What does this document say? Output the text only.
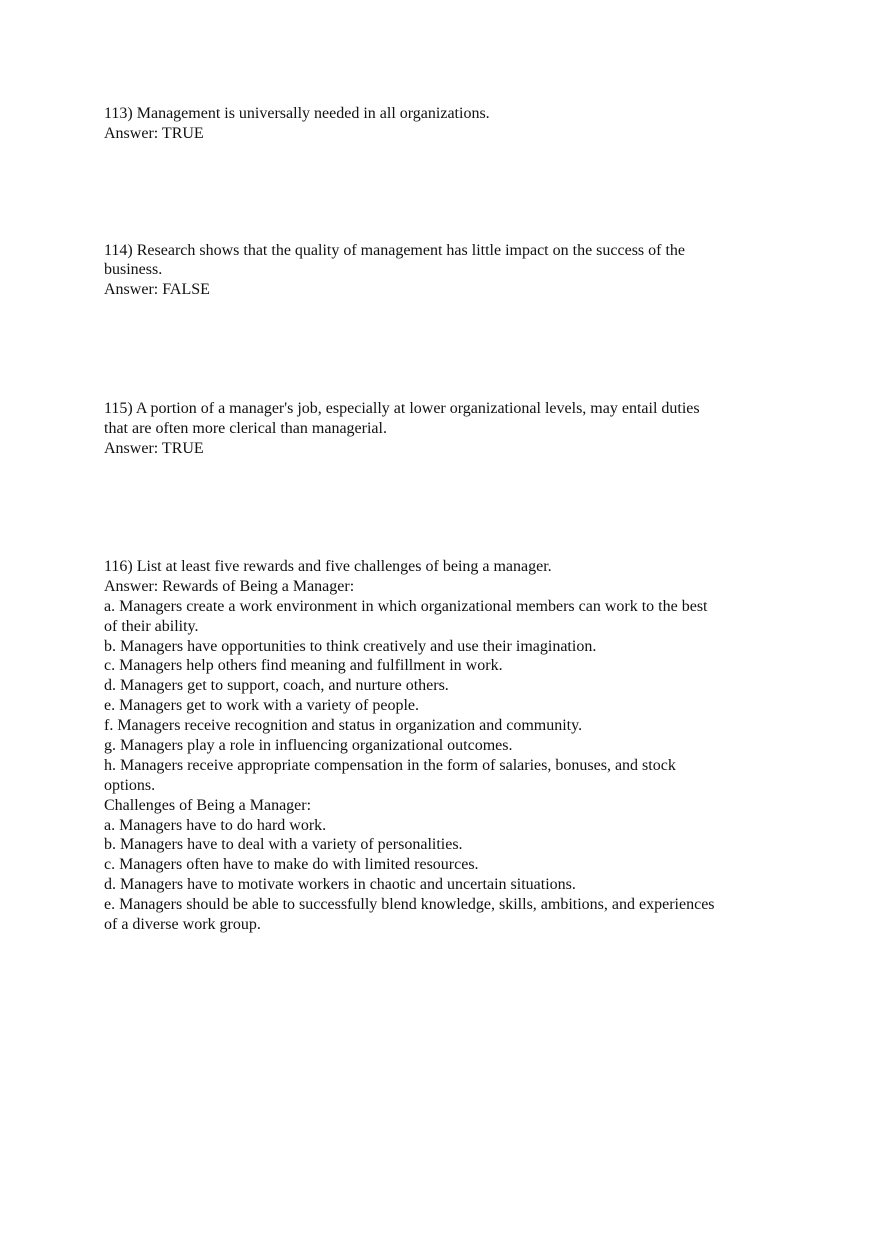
113) Management is universally needed in all organizations.
Answer: TRUE
114) Research shows that the quality of management has little impact on the success of the
business.
Answer: FALSE
115) A portion of a manager's job, especially at lower organizational levels, may entail duties
that are often more clerical than managerial.
Answer: TRUE
116) List at least five rewards and five challenges of being a manager.
Answer: Rewards of Being a Manager:
a. Managers create a work environment in which organizational members can work to the best
of their ability.
b. Managers have opportunities to think creatively and use their imagination.
c. Managers help others find meaning and fulfillment in work.
d. Managers get to support, coach, and nurture others.
e. Managers get to work with a variety of people.
f. Managers receive recognition and status in organization and community.
g. Managers play a role in influencing organizational outcomes.
h. Managers receive appropriate compensation in the form of salaries, bonuses, and stock
options.
Challenges of Being a Manager:
a. Managers have to do hard work.
b. Managers have to deal with a variety of personalities.
c. Managers often have to make do with limited resources.
d. Managers have to motivate workers in chaotic and uncertain situations.
e. Managers should be able to successfully blend knowledge, skills, ambitions, and experiences
of a diverse work group.
